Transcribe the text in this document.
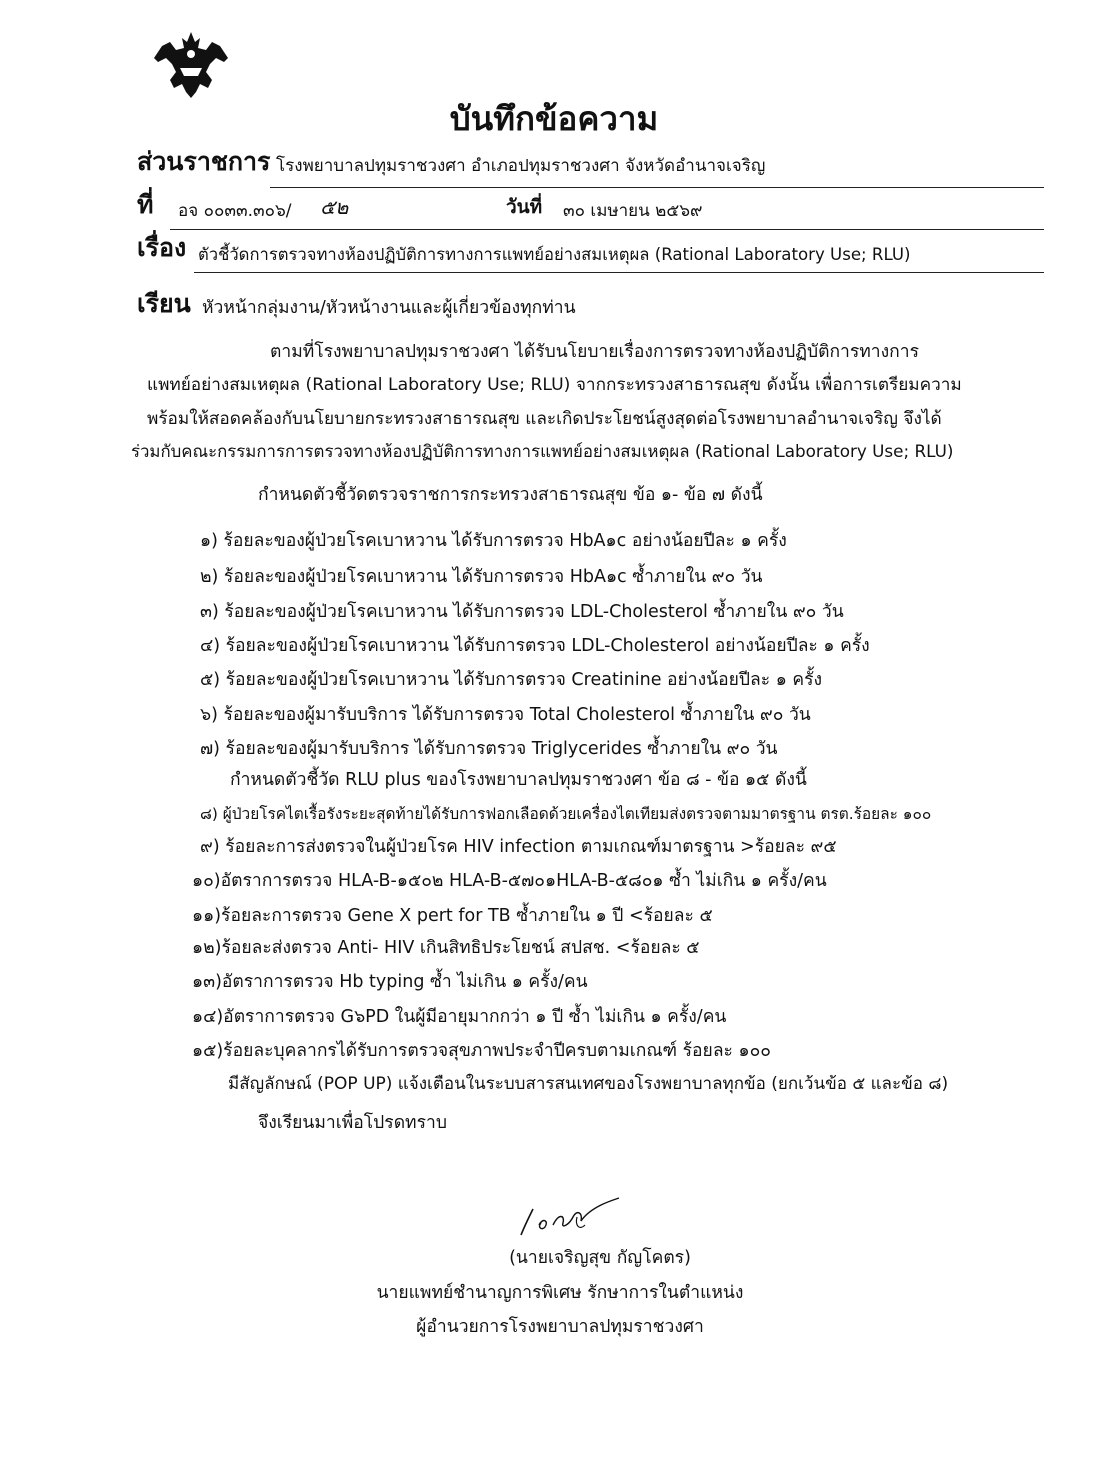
บันทึกข้อความ
ส่วนราชการ โรงพยาบาลปทุมราชวงศา อำเภอปทุมราชวงศา จังหวัดอำนาจเจริญ
ที่ อจ ๐๐๓๓.๓๐๖/ ๕๒	วันที่ ๓๐ เมษายน ๒๕๖๙
เรื่อง ตัวชี้วัดการตรวจทางห้องปฏิบัติการทางการแพทย์อย่างสมเหตุผล (Rational Laboratory Use; RLU)
เรียน หัวหน้ากลุ่มงาน/หัวหน้างานและผู้เกี่ยวข้องทุกท่าน
ตามที่โรงพยาบาลปทุมราชวงศา ได้รับนโยบายเรื่องการตรวจทางห้องปฏิบัติการทางการ
แพทย์อย่างสมเหตุผล (Rational Laboratory Use; RLU) จากกระทรวงสาธารณสุข ดังนั้น เพื่อการเตรียมความ
พร้อมให้สอดคล้องกับนโยบายกระทรวงสาธารณสุข และเกิดประโยชน์สูงสุดต่อโรงพยาบาลอำนาจเจริญ จึงได้
ร่วมกับคณะกรรมการการตรวจทางห้องปฏิบัติการทางการแพทย์อย่างสมเหตุผล (Rational Laboratory Use; RLU)
กำหนดตัวชี้วัดตรวจราชการกระทรวงสาธารณสุข ข้อ ๑- ข้อ ๗ ดังนี้
๑) ร้อยละของผู้ป่วยโรคเบาหวาน ได้รับการตรวจ HbA๑c อย่างน้อยปีละ ๑ ครั้ง
๒) ร้อยละของผู้ป่วยโรคเบาหวาน ได้รับการตรวจ HbA๑c ซ้ำภายใน ๙๐ วัน
๓) ร้อยละของผู้ป่วยโรคเบาหวาน ได้รับการตรวจ LDL-Cholesterol ซ้ำภายใน ๙๐ วัน
๔) ร้อยละของผู้ป่วยโรคเบาหวาน ได้รับการตรวจ LDL-Cholesterol อย่างน้อยปีละ ๑ ครั้ง
๕) ร้อยละของผู้ป่วยโรคเบาหวาน ได้รับการตรวจ Creatinine อย่างน้อยปีละ ๑ ครั้ง
๖) ร้อยละของผู้มารับบริการ ได้รับการตรวจ Total Cholesterol ซ้ำภายใน ๙๐ วัน
๗) ร้อยละของผู้มารับบริการ ได้รับการตรวจ Triglycerides ซ้ำภายใน ๙๐ วัน
กำหนดตัวชี้วัด RLU plus ของโรงพยาบาลปทุมราชวงศา ข้อ ๘ - ข้อ ๑๕ ดังนี้
๘) ผู้ป่วยโรคไตเรื้อรังระยะสุดท้ายได้รับการฟอกเลือดด้วยเครื่องไตเทียมส่งตรวจตามมาตรฐาน ตรต.ร้อยละ ๑๐๐
๙) ร้อยละการส่งตรวจในผู้ป่วยโรค HIV infection ตามเกณฑ์มาตรฐาน >ร้อยละ ๙๕
๑๐)อัตราการตรวจ HLA-B-๑๕๐๒ HLA-B-๕๗๐๑HLA-B-๕๘๐๑ ซ้ำ ไม่เกิน ๑ ครั้ง/คน
๑๑)ร้อยละการตรวจ Gene X pert for TB ซ้ำภายใน ๑ ปี <ร้อยละ ๕
๑๒)ร้อยละส่งตรวจ Anti- HIV เกินสิทธิประโยชน์ สปสช. <ร้อยละ ๕
๑๓)อัตราการตรวจ Hb typing ซ้ำ ไม่เกิน ๑ ครั้ง/คน
๑๔)อัตราการตรวจ G๖PD ในผู้มีอายุมากกว่า ๑ ปี ซ้ำ ไม่เกิน ๑ ครั้ง/คน
๑๕)ร้อยละบุคลากรได้รับการตรวจสุขภาพประจำปีครบตามเกณฑ์ ร้อยละ ๑๐๐
มีสัญลักษณ์ (POP UP) แจ้งเตือนในระบบสารสนเทศของโรงพยาบาลทุกข้อ (ยกเว้นข้อ ๕ และข้อ ๘)
จึงเรียนมาเพื่อโปรดทราบ
(นายเจริญสุข กัญโคตร)
นายแพทย์ชำนาญการพิเศษ รักษาการในตำแหน่ง
ผู้อำนวยการโรงพยาบาลปทุมราชวงศา
